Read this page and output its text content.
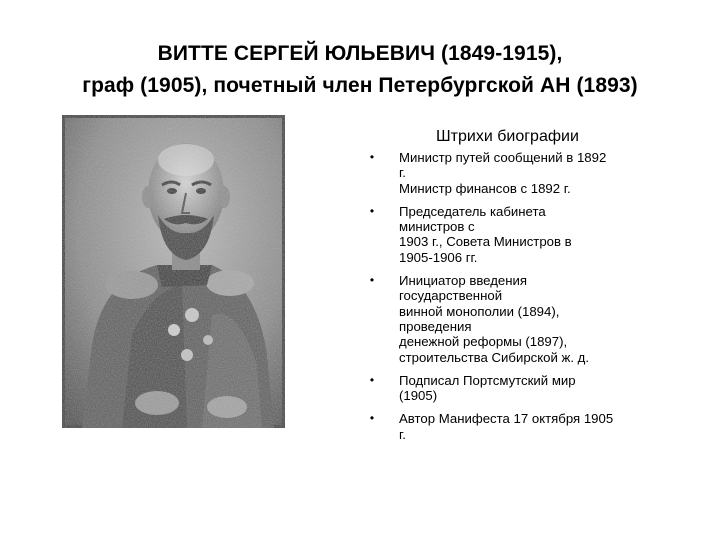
ВИТТЕ СЕРГЕЙ ЮЛЬЕВИЧ (1849-1915),
граф (1905), почетный член Петербургской АН (1893)
Штрихи биографии
•	Министр путей сообщений в 1892
г.
Министр финансов с 1892 г.
•	Председатель кабинета
министров с
1903 г., Совета Министров в
1905-1906 гг.
•	Инициатор введения
государственной
винной монополии (1894),
проведения
денежной реформы (1897),
строительства Сибирской ж. д.
•	Подписал Портсмутский мир
(1905)
•	Автор Манифеста 17 октября 1905
г.
